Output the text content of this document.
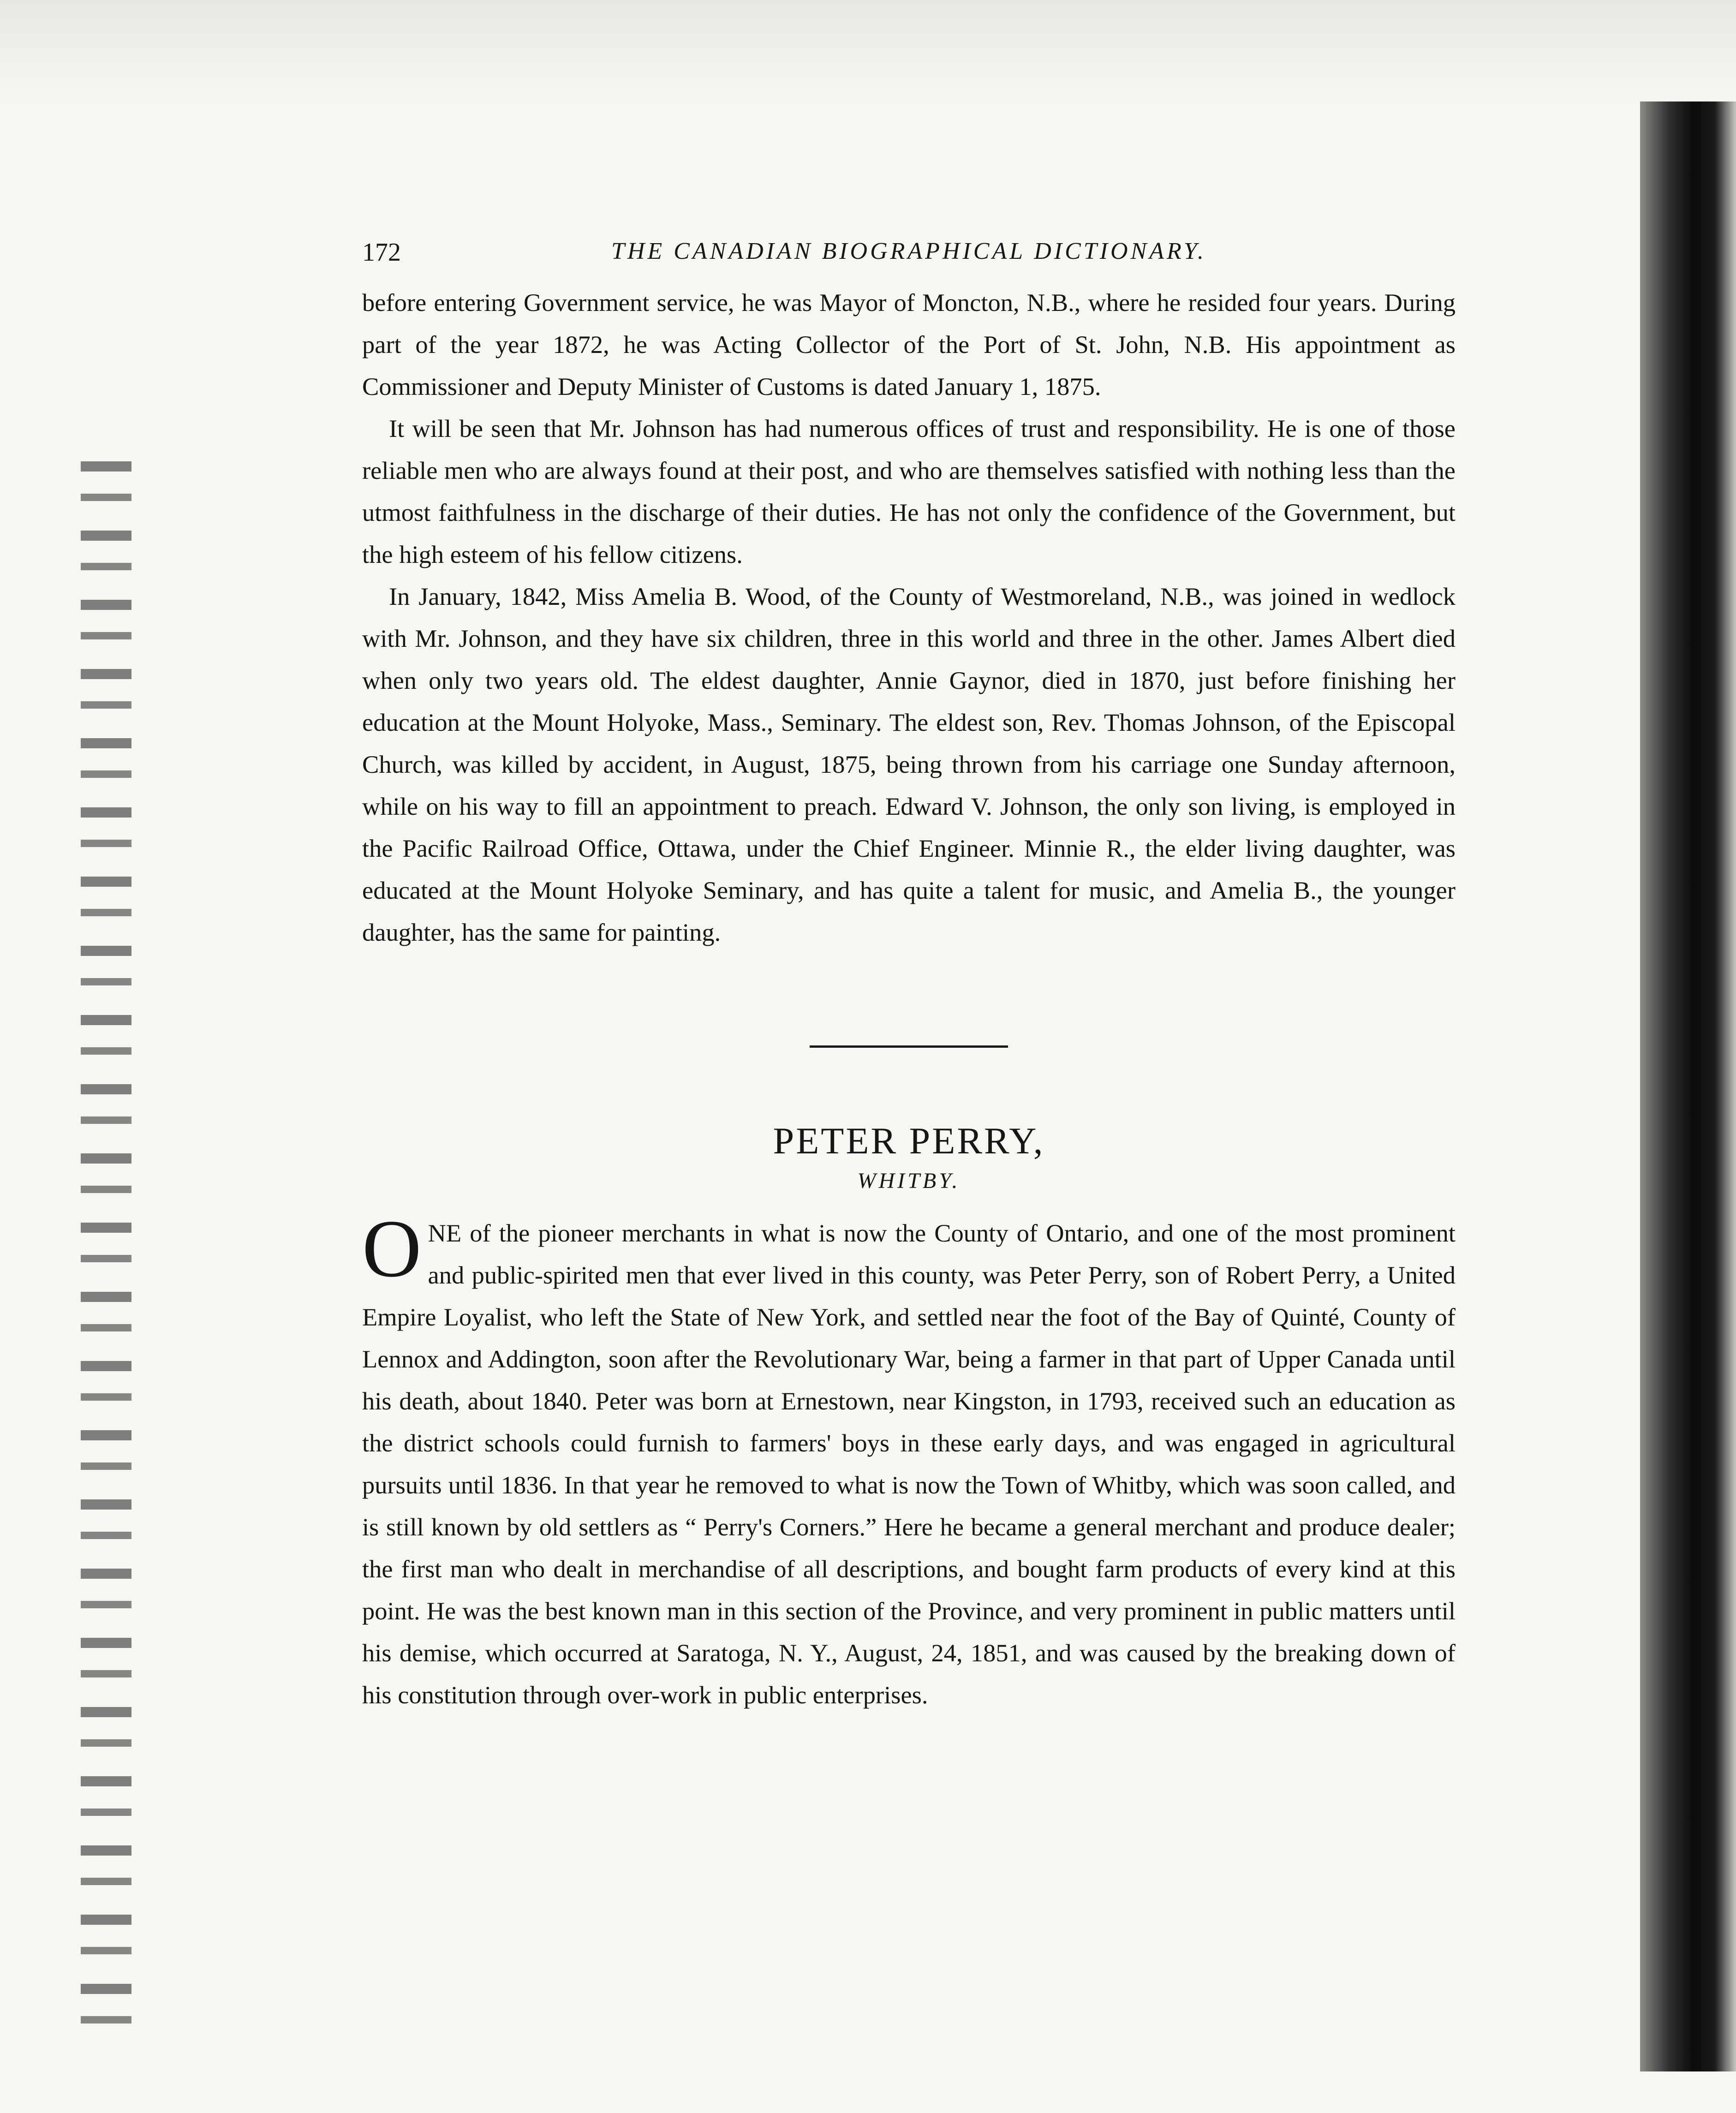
172	THE CANADIAN BIOGRAPHICAL DICTIONARY.

before entering Government service, he was Mayor of Moncton, N.B., where he resided four years. During part of the year 1872, he was Acting Collector of the Port of St. John, N.B. His appointment as Commissioner and Deputy Minister of Customs is dated January 1, 1875.

It will be seen that Mr. Johnson has had numerous offices of trust and responsibility. He is one of those reliable men who are always found at their post, and who are themselves satisfied with nothing less than the utmost faithfulness in the discharge of their duties. He has not only the confidence of the Government, but the high esteem of his fellow citizens.

In January, 1842, Miss Amelia B. Wood, of the County of Westmoreland, N.B., was joined in wedlock with Mr. Johnson, and they have six children, three in this world and three in the other. James Albert died when only two years old. The eldest daughter, Annie Gaynor, died in 1870, just before finishing her education at the Mount Holyoke, Mass., Seminary. The eldest son, Rev. Thomas Johnson, of the Episcopal Church, was killed by accident, in August, 1875, being thrown from his carriage one Sunday afternoon, while on his way to fill an appointment to preach. Edward V. Johnson, the only son living, is employed in the Pacific Railroad Office, Ottawa, under the Chief Engineer. Minnie R., the elder living daughter, was educated at the Mount Holyoke Seminary, and has quite a talent for music, and Amelia B., the younger daughter, has the same for painting.

PETER PERRY,
WHITBY.

ONE of the pioneer merchants in what is now the County of Ontario, and one of the most prominent and public-spirited men that ever lived in this county, was Peter Perry, son of Robert Perry, a United Empire Loyalist, who left the State of New York, and settled near the foot of the Bay of Quinté, County of Lennox and Addington, soon after the Revolutionary War, being a farmer in that part of Upper Canada until his death, about 1840. Peter was born at Ernestown, near Kingston, in 1793, received such an education as the district schools could furnish to farmers' boys in these early days, and was engaged in agricultural pursuits until 1836. In that year he removed to what is now the Town of Whitby, which was soon called, and is still known by old settlers as “ Perry's Corners.” Here he became a general merchant and produce dealer; the first man who dealt in merchandise of all descriptions, and bought farm products of every kind at this point. He was the best known man in this section of the Province, and very prominent in public matters until his demise, which occurred at Saratoga, N. Y., August, 24, 1851, and was caused by the breaking down of his constitution through over-work in public enterprises.
